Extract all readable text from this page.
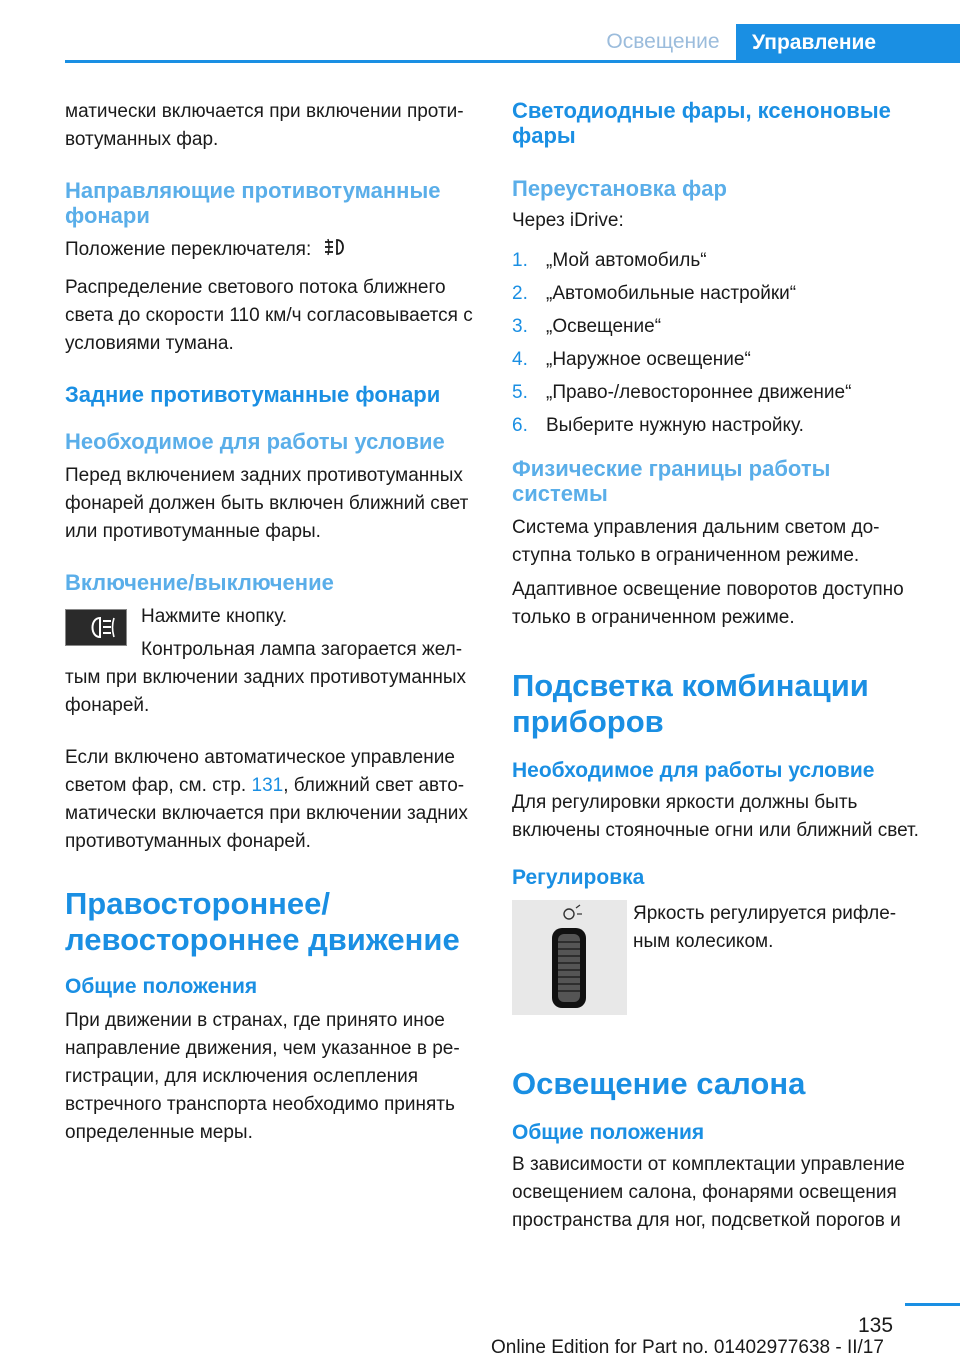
Освещение	Управление

матически включается при включении проти-вотуманных фар.

Направляющие противотуманные фонари

Положение переключателя:

Распределение светового потока ближнего света до скорости 110 км/ч согласовывается с условиями тумана.

Задние противотуманные фонари
Необходимое для работы условие

Перед включением задних противотуманных фонарей должен быть включен ближний свет или противотуманные фары.

Включение/выключение

Нажмите кнопку.

Контрольная лампа загорается жел-тым при включении задних противотуманных фонарей.

Если включено автоматическое управление светом фар, см. стр. 131, ближний свет авто-матически включается при включении задних противотуманных фонарей.

Правостороннее/ левостороннее движение
Общие положения

При движении в странах, где принято иное направление движения, чем указанное в ре-гистрации, для исключения ослепления встречного транспорта необходимо принять определенные меры.

Светодиодные фары, ксеноновые фары
Переустановка фар

Через iDrive:

1. „Мой автомобиль“
2. „Автомобильные настройки“
3. „Освещение“
4. „Наружное освещение“
5. „Право-/левостороннее движение“
6. Выберите нужную настройку.
Физические границы работы системы

Система управления дальним светом до-ступна только в ограниченном режиме.

Адаптивное освещение поворотов доступно только в ограниченном режиме.

Подсветка комбинации приборов
Необходимое для работы условие

Для регулировки яркости должны быть включены стояночные огни или ближний свет.

Регулировка

Яркость регулируется рифле-ным колесиком.

Освещение салона
Общие положения

В зависимости от комплектации управление освещением салона, фонарями освещения пространства для ног, подсветкой порогов и

135
Online Edition for Part no. 01402977638 - II/17
